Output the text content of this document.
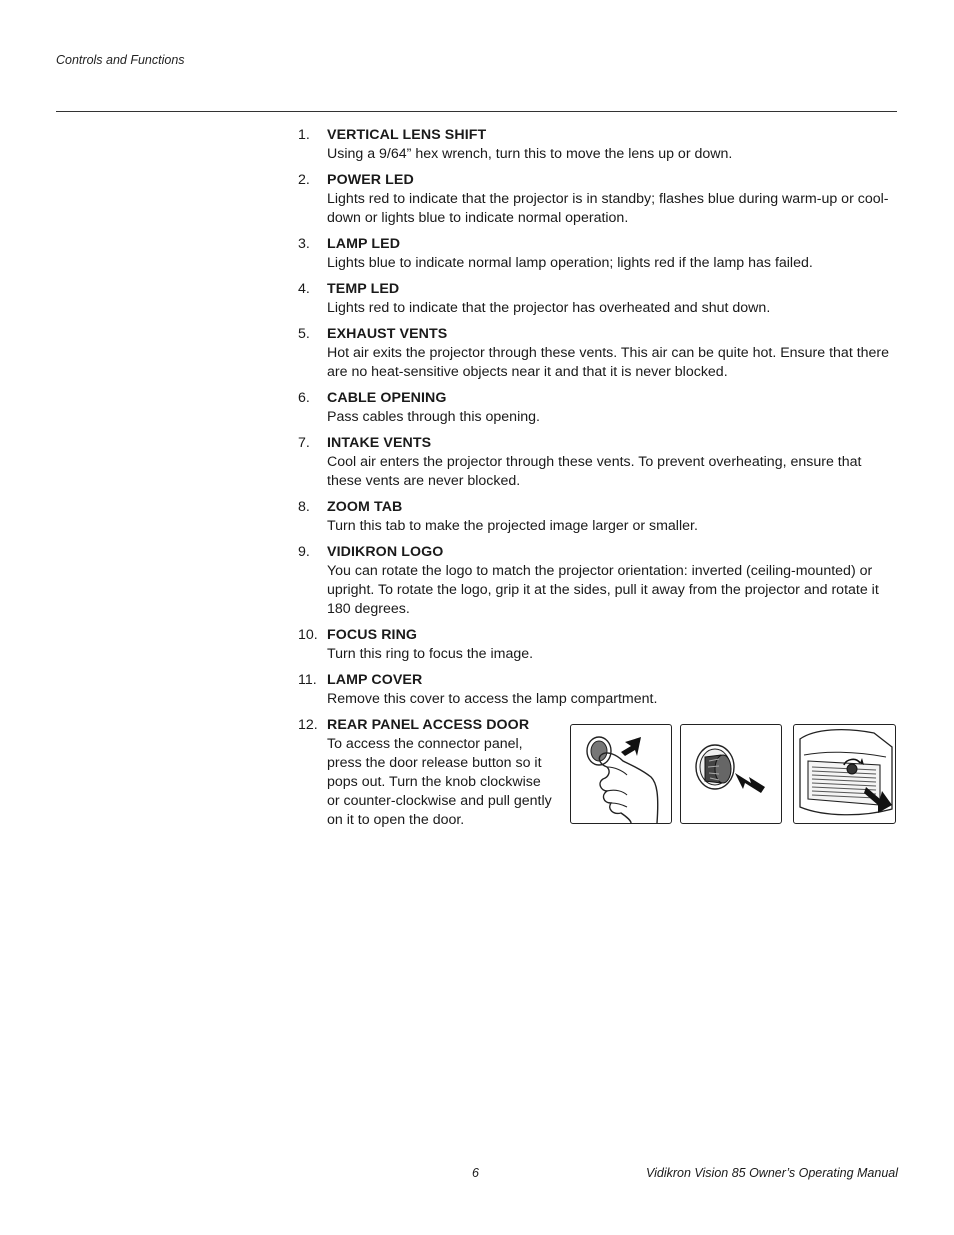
Controls and Functions
1. VERTICAL LENS SHIFT
Using a 9/64” hex wrench, turn this to move the lens up or down.
2. POWER LED
Lights red to indicate that the projector is in standby; flashes blue during warm-up or cool-down or lights blue to indicate normal operation.
3. LAMP LED
Lights blue to indicate normal lamp operation; lights red if the lamp has failed.
4. TEMP LED
Lights red to indicate that the projector has overheated and shut down.
5. EXHAUST VENTS
Hot air exits the projector through these vents. This air can be quite hot. Ensure that there are no heat-sensitive objects near it and that it is never blocked.
6. CABLE OPENING
Pass cables through this opening.
7. INTAKE VENTS
Cool air enters the projector through these vents. To prevent overheating, ensure that these vents are never blocked.
8. ZOOM TAB
Turn this tab to make the projected image larger or smaller.
9. VIDIKRON LOGO
You can rotate the logo to match the projector orientation: inverted (ceiling-mounted) or upright. To rotate the logo, grip it at the sides, pull it away from the projector and rotate it 180 degrees.
10. FOCUS RING
Turn this ring to focus the image.
11. LAMP COVER
Remove this cover to access the lamp compartment.
12. REAR PANEL ACCESS DOOR
To access the connector panel, press the door release button so it pops out. Turn the knob clockwise or counter-clockwise and pull gently on it to open the door.
6	Vidikron Vision 85 Owner’s Operating Manual
